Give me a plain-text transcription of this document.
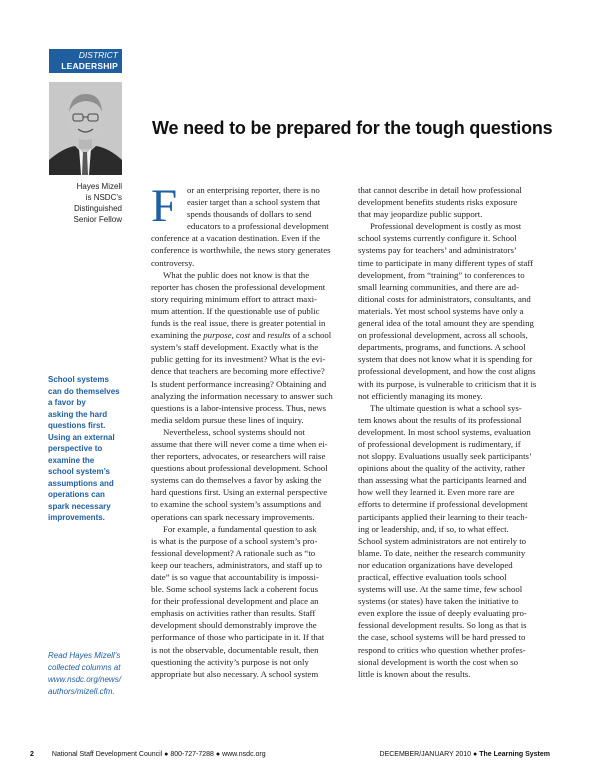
DISTRICT
LEADERSHIP
Hayes Mizell
is NSDC’s
Distinguished
Senior Fellow
We need to be prepared for the tough questions
School systems
can do themselves
a favor by
asking the hard
questions first.
Using an external
perspective to
examine the
school system’s
assumptions and
operations can
spark necessary
improvements.
Read Hayes Mizell’s
collected columns at
www.nsdc.org/news/
authors/mizell.cfm.
F	or an enterprising reporter, there is no
easier target than a school system that
spends thousands of dollars to send
educators to a professional development
conference at a vacation destination. Even if the
conference is worthwhile, the news story generates
controversy.
What the public does not know is that the
reporter has chosen the professional development
story requiring minimum effort to attract maxi-
mum attention. If the questionable use of public
funds is the real issue, there is greater potential in
examining the purpose, cost and results of a school
system’s staff development. Exactly what is the
public getting for its investment? What is the evi-
dence that teachers are becoming more effective?
Is student performance increasing? Obtaining and
analyzing the information necessary to answer such
questions is a labor-intensive process. Thus, news
media seldom pursue these lines of inquiry.
Nevertheless, school systems should not
assume that there will never come a time when ei-
ther reporters, advocates, or researchers will raise
questions about professional development. School
systems can do themselves a favor by asking the
hard questions first. Using an external perspective
to examine the school system’s assumptions and
operations can spark necessary improvements.
For example, a fundamental question to ask
is what is the purpose of a school system’s pro-
fessional development? A rationale such as “to
keep our teachers, administrators, and staff up to
date” is so vague that accountability is impossi-
ble. Some school systems lack a coherent focus
for their professional development and place an
emphasis on activities rather than results. Staff
development should demonstrably improve the
performance of those who participate in it. If that
is not the observable, documentable result, then
questioning the activity’s purpose is not only
appropriate but also necessary. A school system
that cannot describe in detail how professional
development benefits students risks exposure
that may jeopardize public support.
Professional development is costly as most
school systems currently configure it. School
systems pay for teachers’ and administrators’
time to participate in many different types of staff
development, from “training” to conferences to
small learning communities, and there are ad-
ditional costs for administrators, consultants, and
materials. Yet most school systems have only a
general idea of the total amount they are spending
on professional development, across all schools,
departments, programs, and functions. A school
system that does not know what it is spending for
professional development, and how the cost aligns
with its purpose, is vulnerable to criticism that it is
not efficiently managing its money.
The ultimate question is what a school sys-
tem knows about the results of its professional
development. In most school systems, evaluation
of professional development is rudimentary, if
not sloppy. Evaluations usually seek participants’
opinions about the quality of the activity, rather
than assessing what the participants learned and
how well they learned it. Even more rare are
efforts to determine if professional development
participants applied their learning to their teach-
ing or leadership, and, if so, to what effect.
School system administrators are not entirely to
blame. To date, neither the research community
nor education organizations have developed
practical, effective evaluation tools school
systems will use. At the same time, few school
systems (or states) have taken the initiative to
even explore the issue of deeply evaluating pro-
fessional development results. So long as that is
the case, school systems will be hard pressed to
respond to critics who question whether profes-
sional development is worth the cost when so
little is known about the results.
2	National Staff Development Council ● 800-727-7288 ● www.nsdc.org	DECEMBER/JANUARY 2010 ● The Learning System
